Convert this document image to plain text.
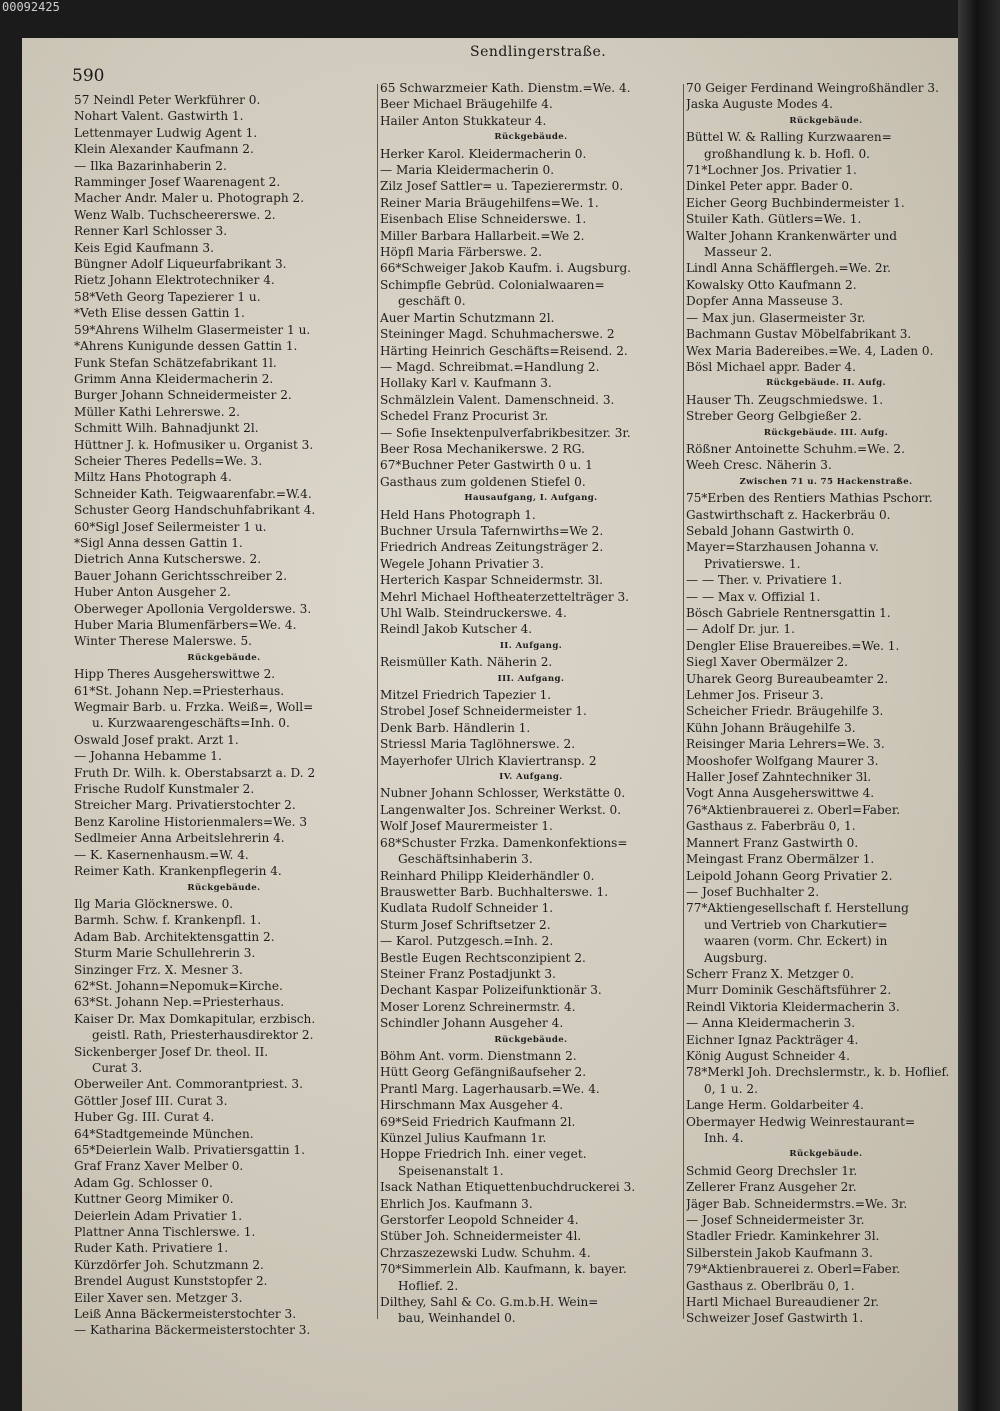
00092425
590
Sendlingerstraße.
57 Neindl Peter Werkführer 0.
Nohart Valent. Gastwirth 1.
Lettenmayer Ludwig Agent 1.
Klein Alexander Kaufmann 2.
— Ilka Bazarinhaberin 2.
Ramminger Josef Waarenagent 2.
Macher Andr. Maler u. Photograph 2.
Wenz Walb. Tuchscheererswe. 2.
Renner Karl Schlosser 3.
Keis Egid Kaufmann 3.
Büngner Adolf Liqueurfabrikant 3.
Rietz Johann Elektrotechniker 4.
58*Veth Georg Tapezierer 1 u.
*Veth Elise dessen Gattin 1.
59*Ahrens Wilhelm Glasermeister 1 u.
*Ahrens Kunigunde dessen Gattin 1.
Funk Stefan Schätzefabrikant 1l.
Grimm Anna Kleidermacherin 2.
Burger Johann Schneidermeister 2.
Müller Kathi Lehrerswe. 2.
Schmitt Wilh. Bahnadjunkt 2l.
Hüttner J. k. Hofmusiker u. Organist 3.
Scheier Theres Pedells=We. 3.
Miltz Hans Photograph 4.
Schneider Kath. Teigwaarenfabr.=W.4.
Schuster Georg Handschuhfabrikant 4.
60*Sigl Josef Seilermeister 1 u.
*Sigl Anna dessen Gattin 1.
Dietrich Anna Kutscherswe. 2.
Bauer Johann Gerichtsschreiber 2.
Huber Anton Ausgeher 2.
Oberweger Apollonia Vergolderswe. 3.
Huber Maria Blumenfärbers=We. 4.
Winter Therese Malerswe. 5.
Rückgebäude.
Hipp Theres Ausgeherswittwe 2.
61*St. Johann Nep.=Priesterhaus.
Wegmair Barb. u. Frzka. Weiß=, Woll=
u. Kurzwaarengeschäfts=Inh. 0.
Oswald Josef prakt. Arzt 1.
— Johanna Hebamme 1.
Fruth Dr. Wilh. k. Oberstabsarzt a. D. 2
Frische Rudolf Kunstmaler 2.
Streicher Marg. Privatierstochter 2.
Benz Karoline Historienmalers=We. 3
Sedlmeier Anna Arbeitslehrerin 4.
— K. Kasernenhausm.=W. 4.
Reimer Kath. Krankenpflegerin 4.
Rückgebäude.
Ilg Maria Glöcknerswe. 0.
Barmh. Schw. f. Krankenpfl. 1.
Adam Bab. Architektensgattin 2.
Sturm Marie Schullehrerin 3.
Sinzinger Frz. X. Mesner 3.
62*St. Johann=Nepomuk=Kirche.
63*St. Johann Nep.=Priesterhaus.
Kaiser Dr. Max Domkapitular, erzbisch.
geistl. Rath, Priesterhausdirektor 2.
Sickenberger Josef Dr. theol. II.
Curat 3.
Oberweiler Ant. Commorantpriest. 3.
Göttler Josef III. Curat 3.
Huber Gg. III. Curat 4.
64*Stadtgemeinde München.
65*Deierlein Walb. Privatiersgattin 1.
Graf Franz Xaver Melber 0.
Adam Gg. Schlosser 0.
Kuttner Georg Mimiker 0.
Deierlein Adam Privatier 1.
Plattner Anna Tischlerswe. 1.
Ruder Kath. Privatiere 1.
Kürzdörfer Joh. Schutzmann 2.
Brendel August Kunststopfer 2.
Eiler Xaver sen. Metzger 3.
Leiß Anna Bäckermeisterstochter 3.
— Katharina Bäckermeisterstochter 3.
65 Schwarzmeier Kath. Dienstm.=We. 4.
Beer Michael Bräugehilfe 4.
Hailer Anton Stukkateur 4.
Rückgebäude.
Herker Karol. Kleidermacherin 0.
— Maria Kleidermacherin 0.
Zilz Josef Sattler= u. Tapezierermstr. 0.
Reiner Maria Bräugehilfens=We. 1.
Eisenbach Elise Schneiderswe. 1.
Miller Barbara Hallarbeit.=We 2.
Höpfl Maria Färberswe. 2.
66*Schweiger Jakob Kaufm. i. Augsburg.
Schimpfle Gebrüd. Colonialwaaren=
geschäft 0.
Auer Martin Schutzmann 2l.
Steininger Magd. Schuhmacherswe. 2
Härting Heinrich Geschäfts=Reisend. 2.
— Magd. Schreibmat.=Handlung 2.
Hollaky Karl v. Kaufmann 3.
Schmälzlein Valent. Damenschneid. 3.
Schedel Franz Procurist 3r.
— Sofie Insektenpulverfabrikbesitzer. 3r.
Beer Rosa Mechanikerswe. 2 RG.
67*Buchner Peter Gastwirth 0 u. 1
Gasthaus zum goldenen Stiefel 0.
Hausaufgang, I. Aufgang.
Held Hans Photograph 1.
Buchner Ursula Tafernwirths=We 2.
Friedrich Andreas Zeitungsträger 2.
Wegele Johann Privatier 3.
Herterich Kaspar Schneidermstr. 3l.
Mehrl Michael Hoftheaterzettelträger 3.
Uhl Walb. Steindruckerswe. 4.
Reindl Jakob Kutscher 4.
II. Aufgang.
Reismüller Kath. Näherin 2.
III. Aufgang.
Mitzel Friedrich Tapezier 1.
Strobel Josef Schneidermeister 1.
Denk Barb. Händlerin 1.
Striessl Maria Taglöhnerswe. 2.
Mayerhofer Ulrich Klaviertransp. 2
IV. Aufgang.
Nubner Johann Schlosser, Werkstätte 0.
Langenwalter Jos. Schreiner Werkst. 0.
Wolf Josef Maurermeister 1.
68*Schuster Frzka. Damenkonfektions=
Geschäftsinhaberin 3.
Reinhard Philipp Kleiderhändler 0.
Brauswetter Barb. Buchhalterswe. 1.
Kudlata Rudolf Schneider 1.
Sturm Josef Schriftsetzer 2.
— Karol. Putzgesch.=Inh. 2.
Bestle Eugen Rechtsconzipient 2.
Steiner Franz Postadjunkt 3.
Dechant Kaspar Polizeifunktionär 3.
Moser Lorenz Schreinermstr. 4.
Schindler Johann Ausgeher 4.
Rückgebäude.
Böhm Ant. vorm. Dienstmann 2.
Hütt Georg Gefängnißaufseher 2.
Prantl Marg. Lagerhausarb.=We. 4.
Hirschmann Max Ausgeher 4.
69*Seid Friedrich Kaufmann 2l.
Künzel Julius Kaufmann 1r.
Hoppe Friedrich Inh. einer veget.
Speisenanstalt 1.
Isack Nathan Etiquettenbuchdruckerei 3.
Ehrlich Jos. Kaufmann 3.
Gerstorfer Leopold Schneider 4.
Stüber Joh. Schneidermeister 4l.
Chrzaszezewski Ludw. Schuhm. 4.
70*Simmerlein Alb. Kaufmann, k. bayer.
Hoflief. 2.
Dilthey, Sahl & Co. G.m.b.H. Wein=
bau, Weinhandel 0.
70 Geiger Ferdinand Weingroßhändler 3.
Jaska Auguste Modes 4.
Rückgebäude.
Büttel W. & Ralling Kurzwaaren=
großhandlung k. b. Hofl. 0.
71*Lochner Jos. Privatier 1.
Dinkel Peter appr. Bader 0.
Eicher Georg Buchbindermeister 1.
Stuiler Kath. Gütlers=We. 1.
Walter Johann Krankenwärter und
Masseur 2.
Lindl Anna Schäfflergeh.=We. 2r.
Kowalsky Otto Kaufmann 2.
Dopfer Anna Masseuse 3.
— Max jun. Glasermeister 3r.
Bachmann Gustav Möbelfabrikant 3.
Wex Maria Badereibes.=We. 4, Laden 0.
Bösl Michael appr. Bader 4.
Rückgebäude. II. Aufg.
Hauser Th. Zeugschmiedswe. 1.
Streber Georg Gelbgießer 2.
Rückgebäude. III. Aufg.
Rößner Antoinette Schuhm.=We. 2.
Weeh Cresc. Näherin 3.
Zwischen 71 u. 75 Hackenstraße.
75*Erben des Rentiers Mathias Pschorr.
Gastwirthschaft z. Hackerbräu 0.
Sebald Johann Gastwirth 0.
Mayer=Starzhausen Johanna v.
Privatierswe. 1.
— — Ther. v. Privatiere 1.
— — Max v. Offizial 1.
Bösch Gabriele Rentnersgattin 1.
— Adolf Dr. jur. 1.
Dengler Elise Brauereibes.=We. 1.
Siegl Xaver Obermälzer 2.
Uharek Georg Bureaubeamter 2.
Lehmer Jos. Friseur 3.
Scheicher Friedr. Bräugehilfe 3.
Kühn Johann Bräugehilfe 3.
Reisinger Maria Lehrers=We. 3.
Mooshofer Wolfgang Maurer 3.
Haller Josef Zahntechniker 3l.
Vogt Anna Ausgeherswittwe 4.
76*Aktienbrauerei z. Oberl=Faber.
Gasthaus z. Faberbräu 0, 1.
Mannert Franz Gastwirth 0.
Meingast Franz Obermälzer 1.
Leipold Johann Georg Privatier 2.
— Josef Buchhalter 2.
77*Aktiengesellschaft f. Herstellung
und Vertrieb von Charkutier=
waaren (vorm. Chr. Eckert) in
Augsburg.
Scherr Franz X. Metzger 0.
Murr Dominik Geschäftsführer 2.
Reindl Viktoria Kleidermacherin 3.
— Anna Kleidermacherin 3.
Eichner Ignaz Packträger 4.
König August Schneider 4.
78*Merkl Joh. Drechslermstr., k. b. Hoflief.
0, 1 u. 2.
Lange Herm. Goldarbeiter 4.
Obermayer Hedwig Weinrestaurant=
Inh. 4.
Rückgebäude.
Schmid Georg Drechsler 1r.
Zellerer Franz Ausgeher 2r.
Jäger Bab. Schneidermstrs.=We. 3r.
— Josef Schneidermeister 3r.
Stadler Friedr. Kaminkehrer 3l.
Silberstein Jakob Kaufmann 3.
79*Aktienbrauerei z. Oberl=Faber.
Gasthaus z. Oberlbräu 0, 1.
Hartl Michael Bureaudiener 2r.
Schweizer Josef Gastwirth 1.
